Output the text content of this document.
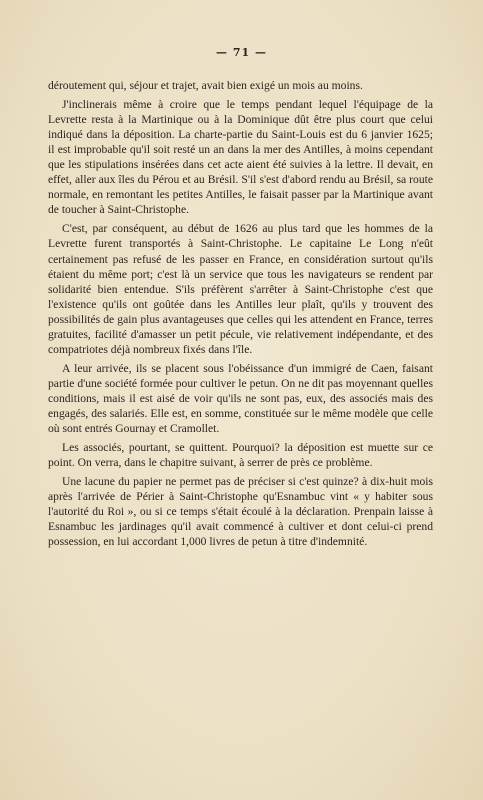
— 71 —

déroutement qui, séjour et trajet, avait bien exigé un mois au moins.

J'inclinerais même à croire que le temps pendant lequel l'équipage de la Levrette resta à la Martinique ou à la Dominique dût être plus court que celui indiqué dans la déposition. La charte-partie du Saint-Louis est du 6 janvier 1625; il est improbable qu'il soit resté un an dans la mer des Antilles, à moins cependant que les stipulations insérées dans cet acte aient été suivies à la lettre. Il devait, en effet, aller aux îles du Pérou et au Brésil. S'il s'est d'abord rendu au Brésil, sa route normale, en remontant les petites Antilles, le faisait passer par la Martinique avant de toucher à Saint-Christophe.

C'est, par conséquent, au début de 1626 au plus tard que les hommes de la Levrette furent transportés à Saint-Christophe. Le capitaine Le Long n'eût certainement pas refusé de les passer en France, en considération surtout qu'ils étaient du même port; c'est là un service que tous les navigateurs se rendent par solidarité bien entendue. S'ils préfèrent s'arrêter à Saint-Christophe c'est que l'existence qu'ils ont goûtée dans les Antilles leur plaît, qu'ils y trouvent des possibilités de gain plus avantageuses que celles qui les attendent en France, terres gratuites, facilité d'amasser un petit pécule, vie relativement indépendante, et des compatriotes déjà nombreux fixés dans l'île.

A leur arrivée, ils se placent sous l'obéissance d'un immigré de Caen, faisant partie d'une société formée pour cultiver le petun. On ne dit pas moyennant quelles conditions, mais il est aisé de voir qu'ils ne sont pas, eux, des associés mais des engagés, des salariés. Elle est, en somme, constituée sur le même modèle que celle où sont entrés Gournay et Cramollet.

Les associés, pourtant, se quittent. Pourquoi? la déposition est muette sur ce point. On verra, dans le chapitre suivant, à serrer de près ce problème.

Une lacune du papier ne permet pas de préciser si c'est quinze? à dix-huit mois après l'arrivée de Périer à Saint-Christophe qu'Esnambuc vint « y habiter sous l'autorité du Roi », ou si ce temps s'était écoulé à la déclaration. Prenpain laisse à Esnambuc les jardinages qu'il avait commencé à cultiver et dont celui-ci prend possession, en lui accordant 1,000 livres de petun à titre d'indemnité.
